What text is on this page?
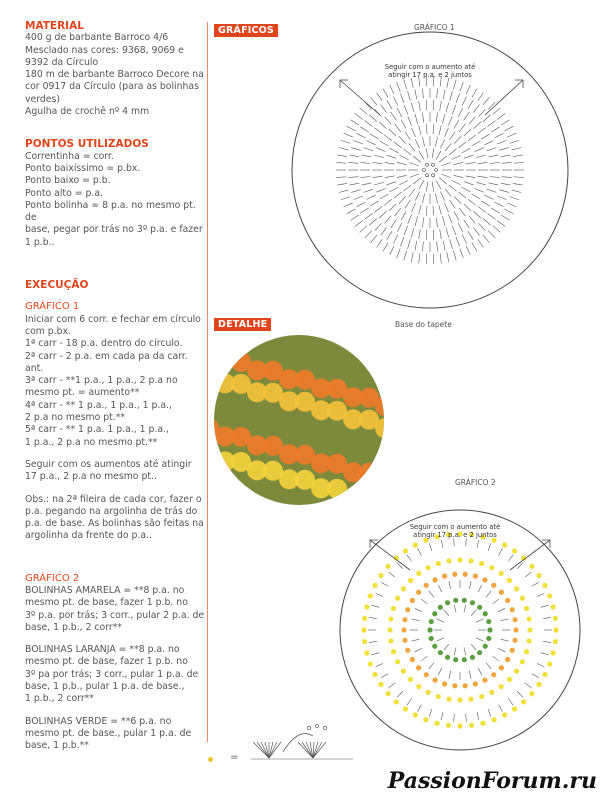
MATERIAL

400 g de barbante Barroco 4/6

Mesclado nas cores: 9368, 9069 e

9392 da Círculo

180 m de barbante Barroco Decore na

cor 0917 da Círculo (para as bolinhas

verdes)

Agulha de crochê nº 4 mm

PONTOS UTILIZADOS

Correntinha = corr.

Ponto baixíssimo = p.bx.

Ponto baixo = p.b.

Ponto alto = p.a.

Ponto bolinha = 8 p.a. no mesmo pt. de

base, pegar por trás no 3º p.a. e fazer

1 p.b..

EXECUÇÃO

GRÁFICO 1

Iniciar com 6 corr. e fechar em círculo

com p.bx.

1ª carr - 18 p.a. dentro do círculo.

2ª carr - 2 p.a. em cada pa da carr. ant.

3ª carr - **1 p.a., 1 p.a., 2 p.a no

mesmo pt. = aumento**

4ª carr - ** 1 p.a., 1 p.a., 1 p.a.,

2 p.a no mesmo pt.**

5ª carr - ** 1 p.a. 1 p.a., 1 p.a.,

1 p.a., 2 p.a no mesmo pt.**

Seguir com os aumentos até atingir

17 p.a., 2 p.a no mesmo pt..

Obs.: na 2ª fileira de cada cor, fazer o

p.a. pegando na argolinha de trás do

p.a. de base. As bolinhas são feitas na

argolinha da frente do p.a..

GRÁFICO 2

BOLINHAS AMARELA = **8 p.a. no

mesmo pt. de base, fazer 1 p.b. no

3º p.a. por trás; 3 corr., pular 2 p.a. de

base, 1 p.b., 2 corr**

BOLINHAS LARANJA = **8 p.a. no

mesmo pt. de base, fazer 1 p.b. no

3º pa por trás; 3 corr., pular 1 p.a. de

base, 1 p.b., pular 1 p.a. de base.,

1 p.b., 2 corr**

BOLINHAS VERDE = **6 p.a. no

mesmo pt. de base., pular 1 p.a. de

base, 1 p.b.**

GRÁFICOS	GRÁFICO 1
Seguir com o aumento até
atingir 17 p.a. e 2 juntos
DETALHE	Base do tapete
GRÁFICO 2
Seguir com o aumento até
atingir 17 p.a. e 2 juntos
=
PassionForum.ru
